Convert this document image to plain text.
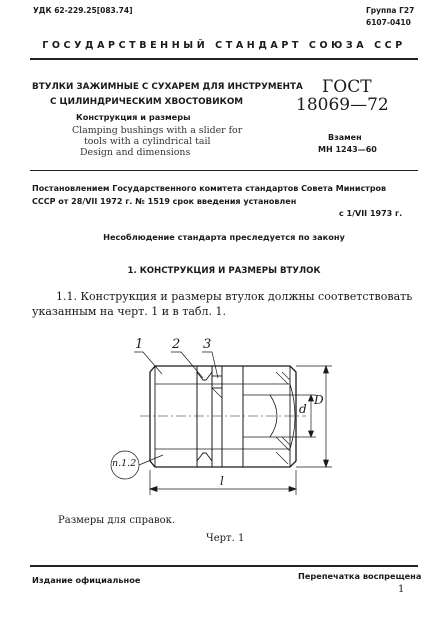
УДК 62-229.25[083.74]	Группа Г27
6107-0410
ГОСУДАРСТВЕННЫЙ СТАНДАРТ СОЮЗА ССР
ВТУЛКИ ЗАЖИМНЫЕ С СУХАРЕМ ДЛЯ ИНСТРУМЕНТА
С ЦИЛИНДРИЧЕСКИМ ХВОСТОВИКОМ
Конструкция и размеры
Clamping bushings with a slider for
tools with a cylindrical tail
Design and dimensions
ГОСТ
18069—72
Взамен
МН 1243—60
Постановлением Государственного комитета стандартов Совета Министров
СССР от 28/VII 1972 г. № 1519 срок введения установлен
с 1/VII 1973 г.
Несоблюдение стандарта преследуется по закону
1. КОНСТРУКЦИЯ И РАЗМЕРЫ ВТУЛОК
1.1. Конструкция и размеры втулок должны соответствовать
указанным на черт. 1 и в табл. 1.
1 2 3
d
D
l
п.1.2
Размеры для справок.
Черт. 1
Издание официальное	Перепечатка воспрещена
1
